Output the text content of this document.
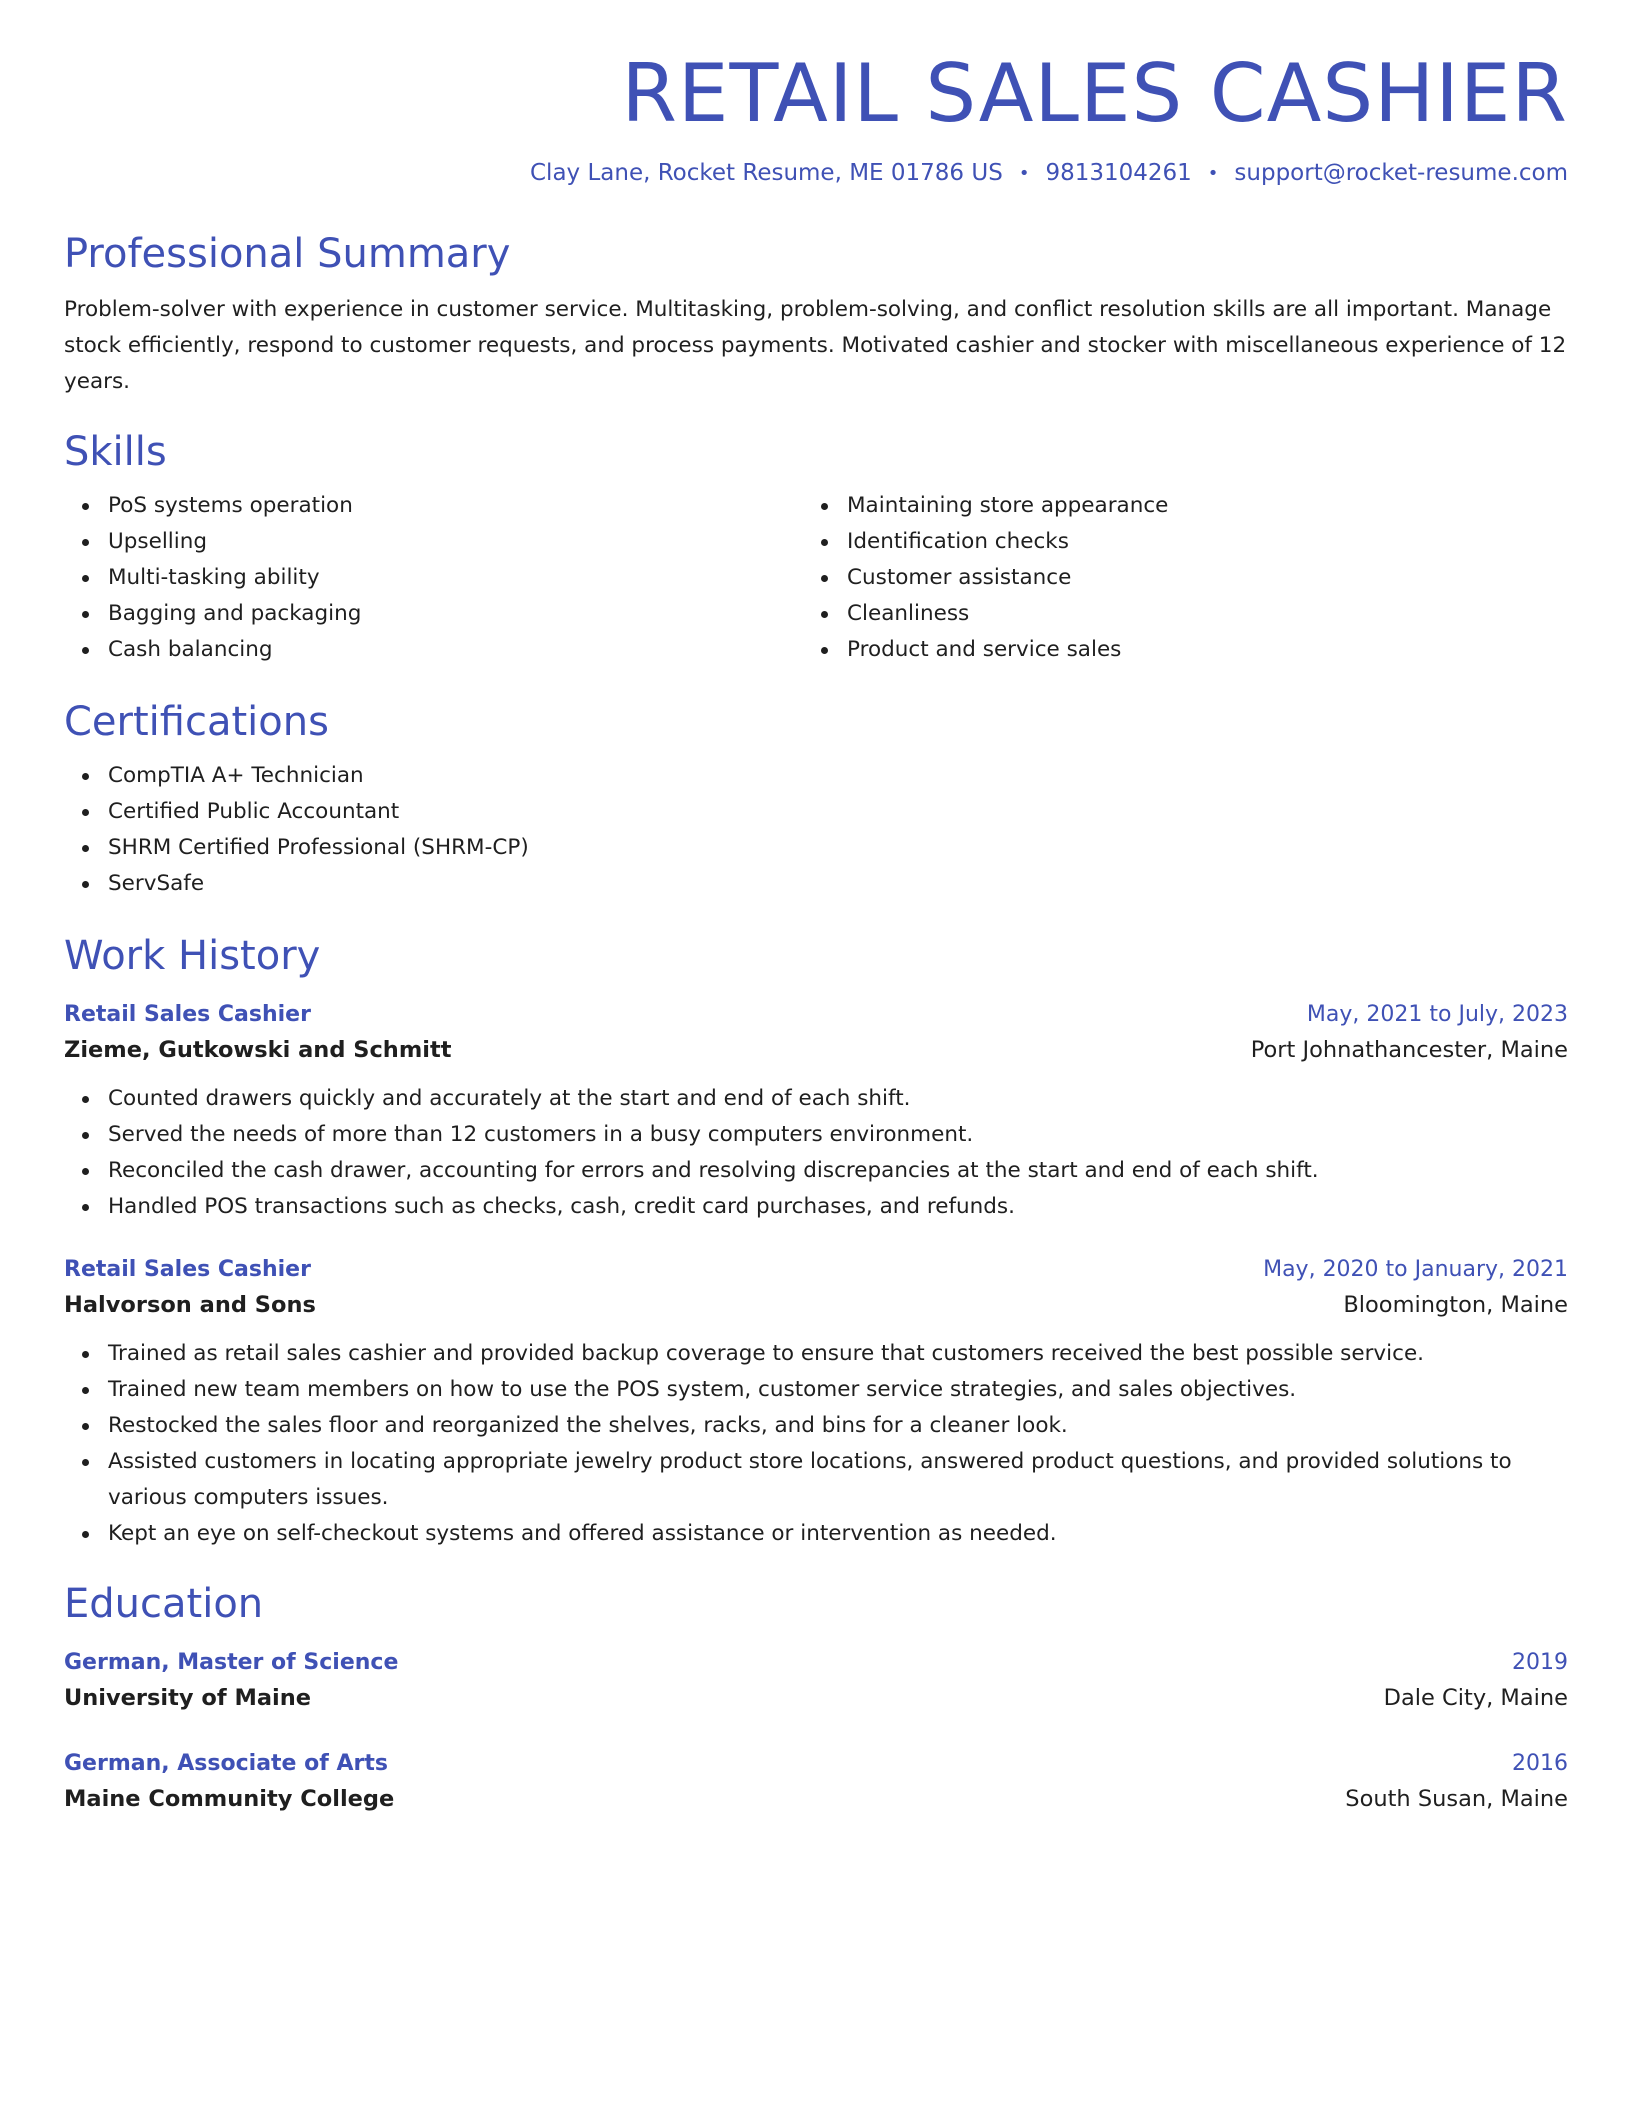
RETAIL SALES CASHIER
Clay Lane, Rocket Resume, ME 01786 US • 9813104261 • support@rocket-resume.com
Professional Summary

Problem-solver with experience in customer service. Multitasking, problem-solving, and conflict resolution skills are all important. Manage stock efficiently, respond to customer requests, and process payments. Motivated cashier and stocker with miscellaneous experience of 12 years.

Skills
PoS systems operation
Upselling
Multi-tasking ability
Bagging and packaging
Cash balancing
Maintaining store appearance
Identification checks
Customer assistance
Cleanliness
Product and service sales
Certifications
CompTIA A+ Technician
Certified Public Accountant
SHRM Certified Professional (SHRM-CP)
ServSafe
Work History
Retail Sales Cashier	May, 2021 to July, 2023
Zieme, Gutkowski and Schmitt	Port Johnathancester, Maine
Counted drawers quickly and accurately at the start and end of each shift.
Served the needs of more than 12 customers in a busy computers environment.
Reconciled the cash drawer, accounting for errors and resolving discrepancies at the start and end of each shift.
Handled POS transactions such as checks, cash, credit card purchases, and refunds.
Retail Sales Cashier	May, 2020 to January, 2021
Halvorson and Sons	Bloomington, Maine
Trained as retail sales cashier and provided backup coverage to ensure that customers received the best possible service.
Trained new team members on how to use the POS system, customer service strategies, and sales objectives.
Restocked the sales floor and reorganized the shelves, racks, and bins for a cleaner look.
Assisted customers in locating appropriate jewelry product store locations, answered product questions, and provided solutions to various computers issues.
Kept an eye on self-checkout systems and offered assistance or intervention as needed.
Education
German, Master of Science	2019
University of Maine	Dale City, Maine
German, Associate of Arts	2016
Maine Community College	South Susan, Maine
